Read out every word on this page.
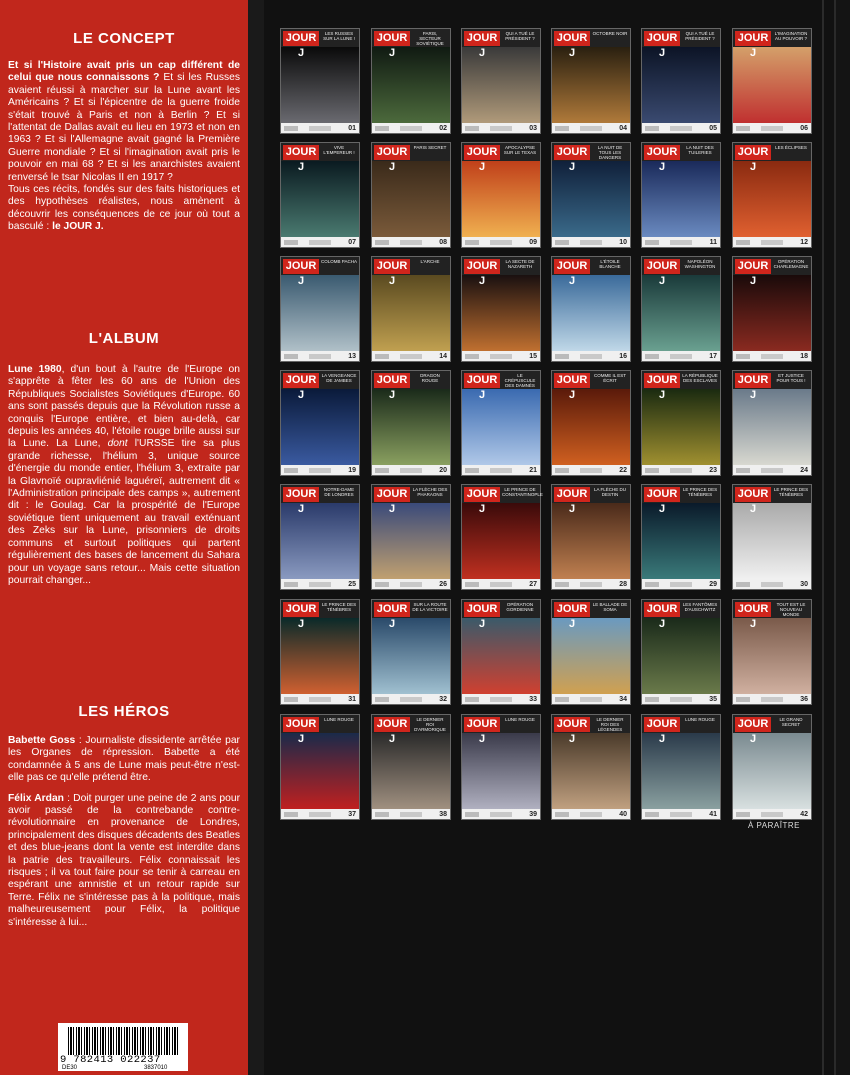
LE CONCEPT

Et si l'Histoire avait pris un cap différent de celui que nous connaissons ? Et si les Russes avaient réussi à marcher sur la Lune avant les Américains ? Et si l'épicentre de la guerre froide s'était trouvé à Paris et non à Berlin ? Et si l'attentat de Dallas avait eu lieu en 1973 et non en 1963 ? Et si l'Allemagne avait gagné la Première Guerre mondiale ? Et si l'imagination avait pris le pouvoir en mai 68 ? Et si les anarchistes avaient renversé le tsar Nicolas II en 1917 ?

Tous ces récits, fondés sur des faits historiques et des hypothèses réalistes, nous amènent à découvrir les conséquences de ce jour où tout a basculé : le JOUR J.

L'ALBUM

Lune 1980, d'un bout à l'autre de l'Europe on s'apprête à fêter les 60 ans de l'Union des Républiques Socialistes Soviétiques d'Europe. 60 ans sont passés depuis que la Révolution russe a conquis l'Europe entière, et bien au-delà, car depuis les années 40, l'étoile rouge brille aussi sur la Lune. La Lune, dont l'URSSE tire sa plus grande richesse, l'hélium 3, unique source d'énergie du monde entier, l'hélium 3, extraite par la Glavnoïé oupravliénié laguéreï, autrement dit « l'Administration principale des camps », autrement dit : le Goulag. Car la prospérité de l'Europe soviétique tient uniquement au travail exténuant des Zeks sur la Lune, prisonniers de droits communs et surtout politiques qui partent régulièrement des bases de lancement du Sahara pour un voyage sans retour... Mais cette situation pourrait changer...

LES HÉROS

Babette Goss : Journaliste dissidente arrêtée par les Organes de répression. Babette a été condamnée à 5 ans de Lune mais peut-être n'est-elle pas ce qu'elle prétend être.

Félix Ardan : Doit purger une peine de 2 ans pour avoir passé de la contrebande contre-révolutionnaire en provenance de Londres, principalement des disques décadents des Beatles et des blue-jeans dont la vente est interdite dans la patrie des travailleurs. Félix connaissait les risques ; il va tout faire pour se tenir à carreau en espérant une amnistie et un retour rapide sur Terre. Félix ne s'intéresse pas à la politique, mais malheureusement pour Félix, la politique s'intéresse à lui...

9 782413 022237
DE30	3837010
JOUR J
LES RUSSES SUR LA LUNE !
01
JOUR J
PARIS, SECTEUR SOVIÉTIQUE
02
JOUR J
QUI A TUÉ LE PRÉSIDENT ?
03
JOUR J
OCTOBRE NOIR
04
JOUR J
QUI A TUÉ LE PRÉSIDENT ?
05
JOUR J
L'IMAGINATION AU POUVOIR ?
06
JOUR J
VIVE L'EMPEREUR !
07
JOUR J
PARIS SECRET
08
JOUR J
APOCALYPSE SUR LE TEXAS
09
JOUR J
LA NUIT DE TOUS LES DANGERS
10
JOUR J
LA NUIT DES TUILERIES
11
JOUR J
LES ÉCLIPSES
12
JOUR J
COLOMB PACHA
13
JOUR J
L'ARCHE
14
JOUR J
LA SECTE DE NAZARETH
15
JOUR J
L'ÉTOILE BLANCHE
16
JOUR J
NAPOLÉON WASHINGTON
17
JOUR J
OPÉRATION CHARLEMAGNE
18
JOUR J
LA VENGEANCE DE JAMBES
19
JOUR J
DRAGON ROUGE
20
JOUR J
LE CRÉPUSCULE DES DAMNÉS
21
JOUR J
COMME IL EST ÉCRIT
22
JOUR J
LA RÉPUBLIQUE DES ESCLAVES
23
JOUR J
ET JUSTICE POUR TOUS !
24
JOUR J
NOTRE-DAME DE LONDRES
25
JOUR J
LA FLÈCHE DES PHARAONS
26
JOUR J
LE PRINCE DE CONSTANTINOPLE
27
JOUR J
LA FLÈCHE DU DESTIN
28
JOUR J
LE PRINCE DES TÉNÈBRES
29
JOUR J
LE PRINCE DES TÉNÈBRES
30
JOUR J
LE PRINCE DES TÉNÈBRES
31
JOUR J
SUR LA ROUTE DE LA VICTOIRE
32
JOUR J
OPÉRATION GORDIENNE
33
JOUR J
LE BALLADE DE SOMA
34
JOUR J
LES FANTÔMES D'AUSCHWITZ
35
JOUR J
TOUT EST LE NOUVEAU MONDE
36
JOUR J
LUNE ROUGE
37
JOUR J
LE DERNIER ROI D'ARMORIQUE
38
JOUR J
LUNE ROUGE
39
JOUR J
LE DERNIER ROI DES LÉGENDES
40
JOUR J
LUNE ROUGE
41
JOUR J
LE GRAND SECRET
42
À PARAÎTRE
